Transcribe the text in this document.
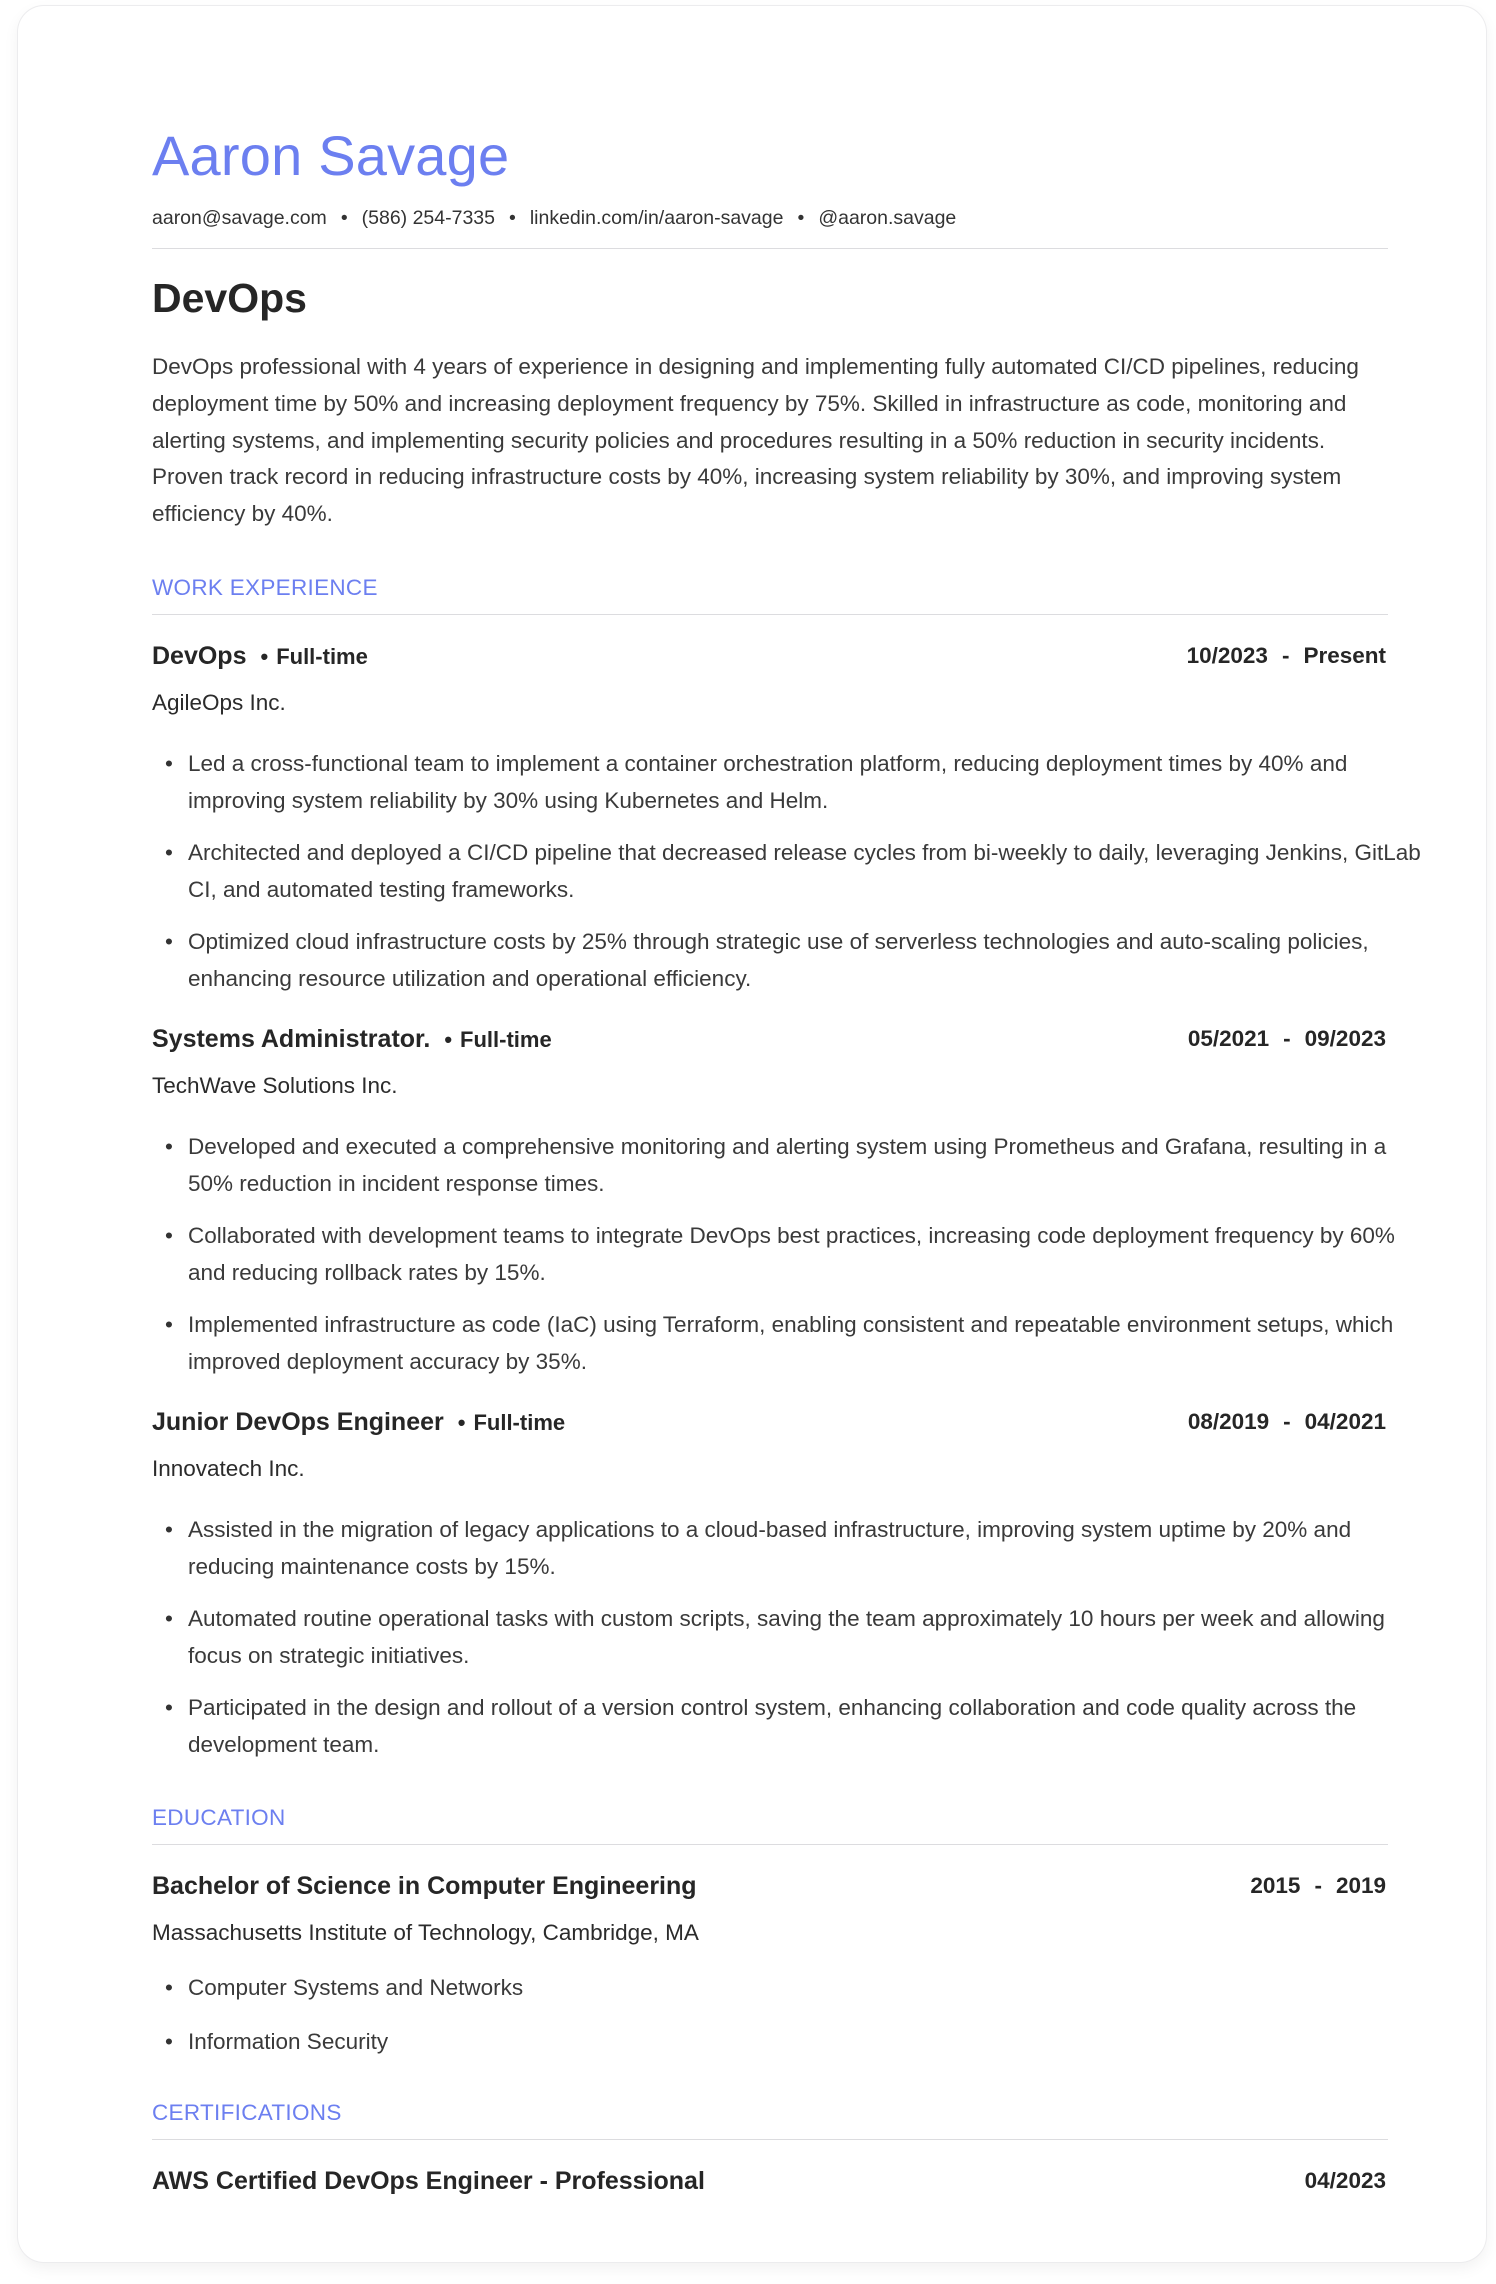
Aaron Savage
aaron@savage.com • (586) 254-7335 • linkedin.com/in/aaron-savage • @aaron.savage
DevOps
DevOps professional with 4 years of experience in designing and implementing fully automated CI/CD pipelines, reducing deployment time by 50% and increasing deployment frequency by 75%. Skilled in infrastructure as code, monitoring and alerting systems, and implementing security policies and procedures resulting in a 50% reduction in security incidents. Proven track record in reducing infrastructure costs by 40%, increasing system reliability by 30%, and improving system efficiency by 40%.
WORK EXPERIENCE
DevOps • Full-time	10/2023 - Present
AgileOps Inc.
• Led a cross-functional team to implement a container orchestration platform, reducing deployment times by 40% and improving system reliability by 30% using Kubernetes and Helm.
• Architected and deployed a CI/CD pipeline that decreased release cycles from bi-weekly to daily, leveraging Jenkins, GitLab CI, and automated testing frameworks.
• Optimized cloud infrastructure costs by 25% through strategic use of serverless technologies and auto-scaling policies, enhancing resource utilization and operational efficiency.
Systems Administrator. • Full-time	05/2021 - 09/2023
TechWave Solutions Inc.
• Developed and executed a comprehensive monitoring and alerting system using Prometheus and Grafana, resulting in a 50% reduction in incident response times.
• Collaborated with development teams to integrate DevOps best practices, increasing code deployment frequency by 60% and reducing rollback rates by 15%.
• Implemented infrastructure as code (IaC) using Terraform, enabling consistent and repeatable environment setups, which improved deployment accuracy by 35%.
Junior DevOps Engineer • Full-time	08/2019 - 04/2021
Innovatech Inc.
• Assisted in the migration of legacy applications to a cloud-based infrastructure, improving system uptime by 20% and reducing maintenance costs by 15%.
• Automated routine operational tasks with custom scripts, saving the team approximately 10 hours per week and allowing focus on strategic initiatives.
• Participated in the design and rollout of a version control system, enhancing collaboration and code quality across the development team.
EDUCATION
Bachelor of Science in Computer Engineering	2015 - 2019
Massachusetts Institute of Technology, Cambridge, MA
• Computer Systems and Networks
• Information Security
CERTIFICATIONS
AWS Certified DevOps Engineer - Professional	04/2023
